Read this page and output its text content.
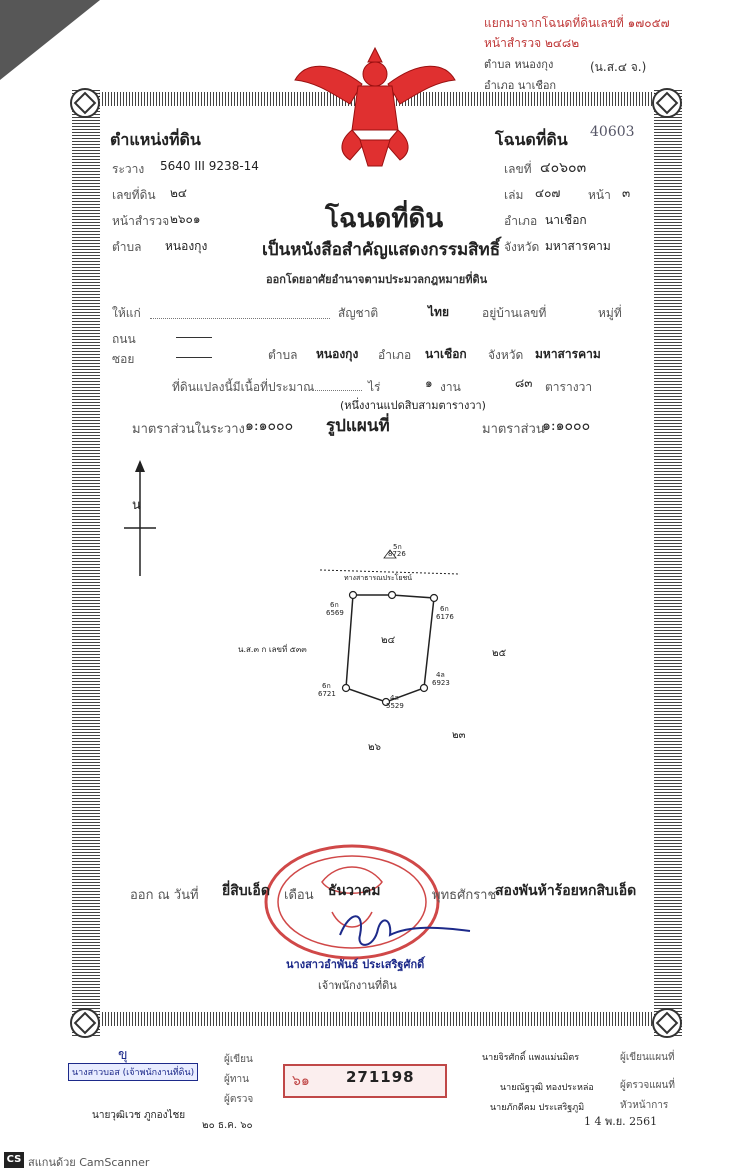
แยกมาจากโฉนดที่ดินเลขที่ ๑๗๐๕๗
หน้าสำรวจ ๒๔๘๒
ตำบล หนองกุง
อำเภอ นาเชือก
(น.ส.๔ จ.)
ตำแหน่งที่ดิน
ระวาง 5640 III 9238-14
เลขที่ดิน ๒๔
หน้าสำรวจ ๒๖๐๑
ตำบล หนองกุง
โฉนดที่ดิน 40603
เลขที่ ๔๐๖๐๓
เล่ม ๔๐๗ หน้า ๓
อำเภอ นาเชือก
จังหวัด มหาสารคาม
โฉนดที่ดิน
เป็นหนังสือสำคัญแสดงกรรมสิทธิ์
ออกโดยอาศัยอำนาจตามประมวลกฎหมายที่ดิน
ให้แก่	สัญชาติ	ไทย	อยู่บ้านเลขที่	หมู่ที่
ถนน
ซอย	ตำบล หนองกุง อำเภอ นาเชือก จังหวัด มหาสารคาม
ที่ดินแปลงนี้มีเนื้อที่ประมาณ	ไร่	๑ งาน	๘๓ ตารางวา
(หนึ่งงานแปดสิบสามตารางวา)
มาตราส่วนในระวาง ๑:๑๐๐๐ รูปแผนที่	มาตราส่วน
๑:๑๐๐๐
น
5ก
8726
ทางสาธารณประโยชน์
6ก
6569	6ก
6176
๒๔
น.ส.๓ ก เลขที่ ๕๓๓	๒๕
4ล
6923
6ก
6721	4ล
5529
๒๓
๒๖
ออก ณ วันที่ ยี่สิบเอ็ด เดือน ธันวาคม	พุทธศักราช
สองพันห้าร้อยหกสิบเอ็ด
นางสาวอำพันธ์ ประเสริฐศักดิ์
เจ้าพนักงานที่ดิน
ขุ
นางสาวบอส (เจ้าพนักงานที่ดิน)
ผู้เขียน
ผู้ทาน
ผู้ตรวจ
นายวุฒิเวช ภูกองไชย
๒๐ ธ.ค. ๖๐
๖๑ 271198
นายจิรศักดิ์ แพงแม่นมิตร	ผู้เขียนแผนที่
นายณัฐวุฒิ ทองประหล่อ	ผู้ตรวจแผนที่
นายภักดีคม ประเสริฐภูมิ	หัวหน้าการ
1 4 พ.ย. 2561
CS สแกนด้วย CamScanner
